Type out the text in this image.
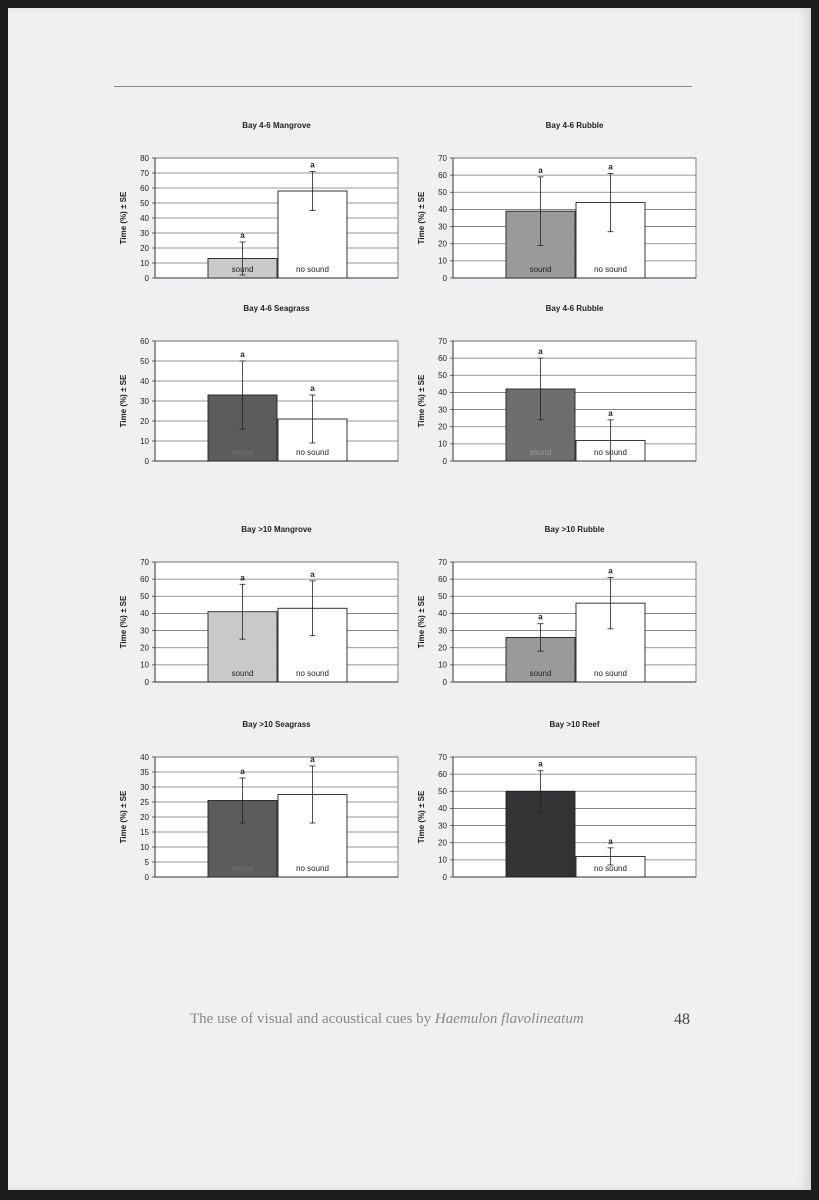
Bay 4-6 Mangrove
0
10
20
30
40
50
60
70
80
Time (%) ± SE	a
sound
a
no sound
Bay 4-6 Rubble
0
10
20
30
40
50
60
70
Time (%) ± SE
a
sound
a
no sound
Bay 4-6 Seagrass
0
10
20
30
40
50
60
Time (%) ± SE
a
sound
a
no sound
Bay 4-6 Rubble
0
10
20
30
40
50
60
70
Time (%) ± SE
a
sound
a
no sound
Bay >10 Mangrove
0
10
20
30
40
50
60
70
Time (%) ± SE
a
sound
a
no sound
Bay >10 Rubble
0
10
20
30
40
50
60
70
Time (%) ± SE	a
sound
a
no sound
Bay >10 Seagrass
0
5
10
15
20
25
30
35
40
Time (%) ± SE
a
sound
a
no sound
Bay >10 Reef
0
10
20
30
40
50
60
70
Time (%) ± SE
a
sound
a
no sound
The use of visual and acoustical cues by Haemulon flavolineatum	48
